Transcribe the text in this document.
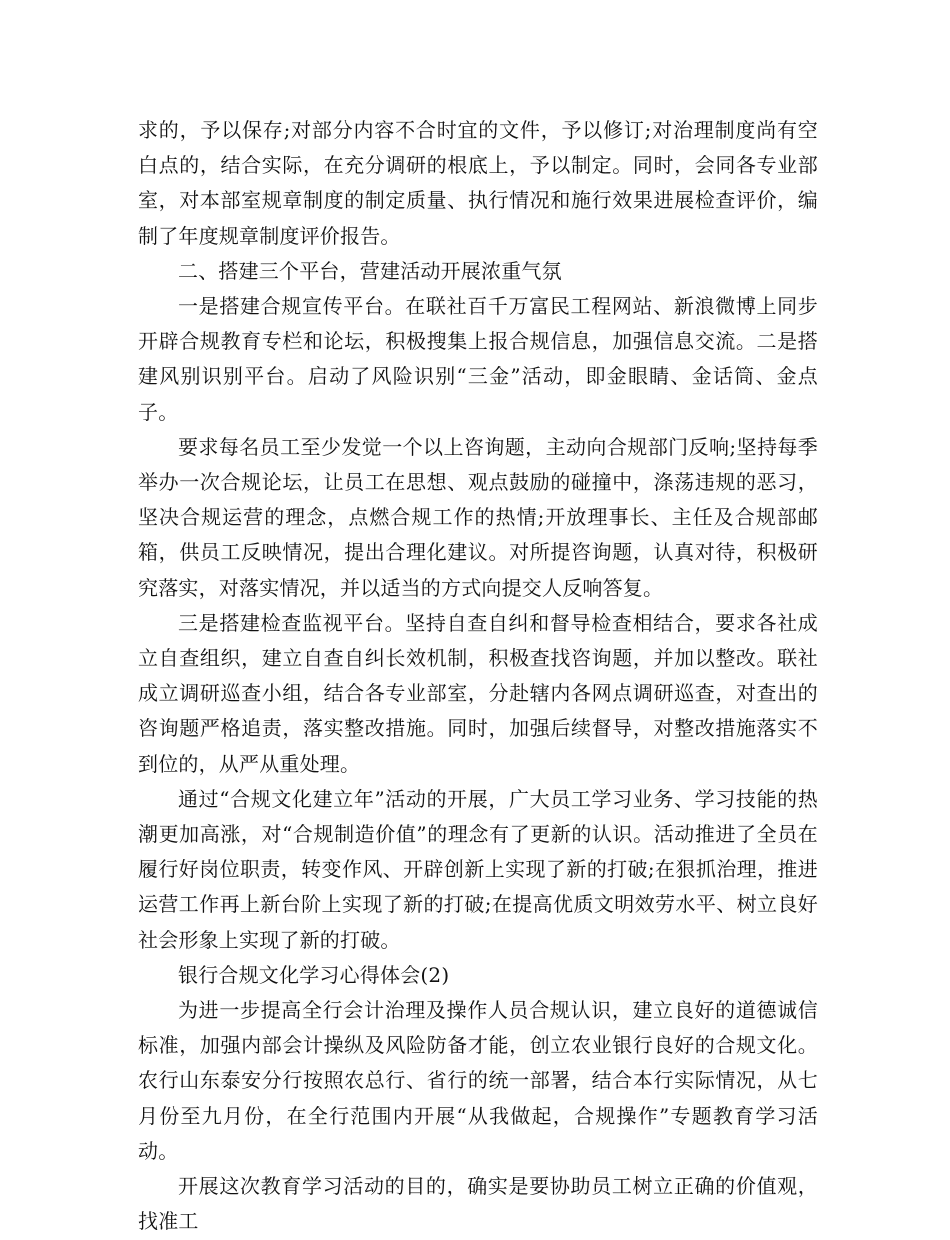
求的，予以保存;对部分内容不合时宜的文件，予以修订;对治理制度尚有空白点的，结合实际，在充分调研的根底上，予以制定。同时，会同各专业部室，对本部室规章制度的制定质量、执行情况和施行效果进展检查评价，编制了年度规章制度评价报告。

二、搭建三个平台，营建活动开展浓重气氛

一是搭建合规宣传平台。在联社百千万富民工程网站、新浪微博上同步开辟合规教育专栏和论坛，积极搜集上报合规信息，加强信息交流。二是搭建风别识别平台。启动了风险识别“三金”活动，即金眼睛、金话筒、金点子。

要求每名员工至少发觉一个以上咨询题，主动向合规部门反响;坚持每季举办一次合规论坛，让员工在思想、观点鼓励的碰撞中，涤荡违规的恶习，坚决合规运营的理念，点燃合规工作的热情;开放理事长、主任及合规部邮箱，供员工反映情况，提出合理化建议。对所提咨询题，认真对待，积极研究落实，对落实情况，并以适当的方式向提交人反响答复。

三是搭建检查监视平台。坚持自查自纠和督导检查相结合，要求各社成立自查组织，建立自查自纠长效机制，积极查找咨询题，并加以整改。联社成立调研巡查小组，结合各专业部室，分赴辖内各网点调研巡查，对查出的咨询题严格追责，落实整改措施。同时，加强后续督导，对整改措施落实不到位的，从严从重处理。

通过“合规文化建立年”活动的开展，广大员工学习业务、学习技能的热潮更加高涨，对“合规制造价值”的理念有了更新的认识。活动推进了全员在履行好岗位职责，转变作风、开辟创新上实现了新的打破;在狠抓治理，推进运营工作再上新台阶上实现了新的打破;在提高优质文明效劳水平、树立良好社会形象上实现了新的打破。

银行合规文化学习心得体会(2)

为进一步提高全行会计治理及操作人员合规认识，建立良好的道德诚信标准，加强内部会计操纵及风险防备才能，创立农业银行良好的合规文化。农行山东泰安分行按照农总行、省行的统一部署，结合本行实际情况，从七月份至九月份，在全行范围内开展“从我做起，合规操作”专题教育学习活动。

开展这次教育学习活动的目的，确实是要协助员工树立正确的价值观，找准工
